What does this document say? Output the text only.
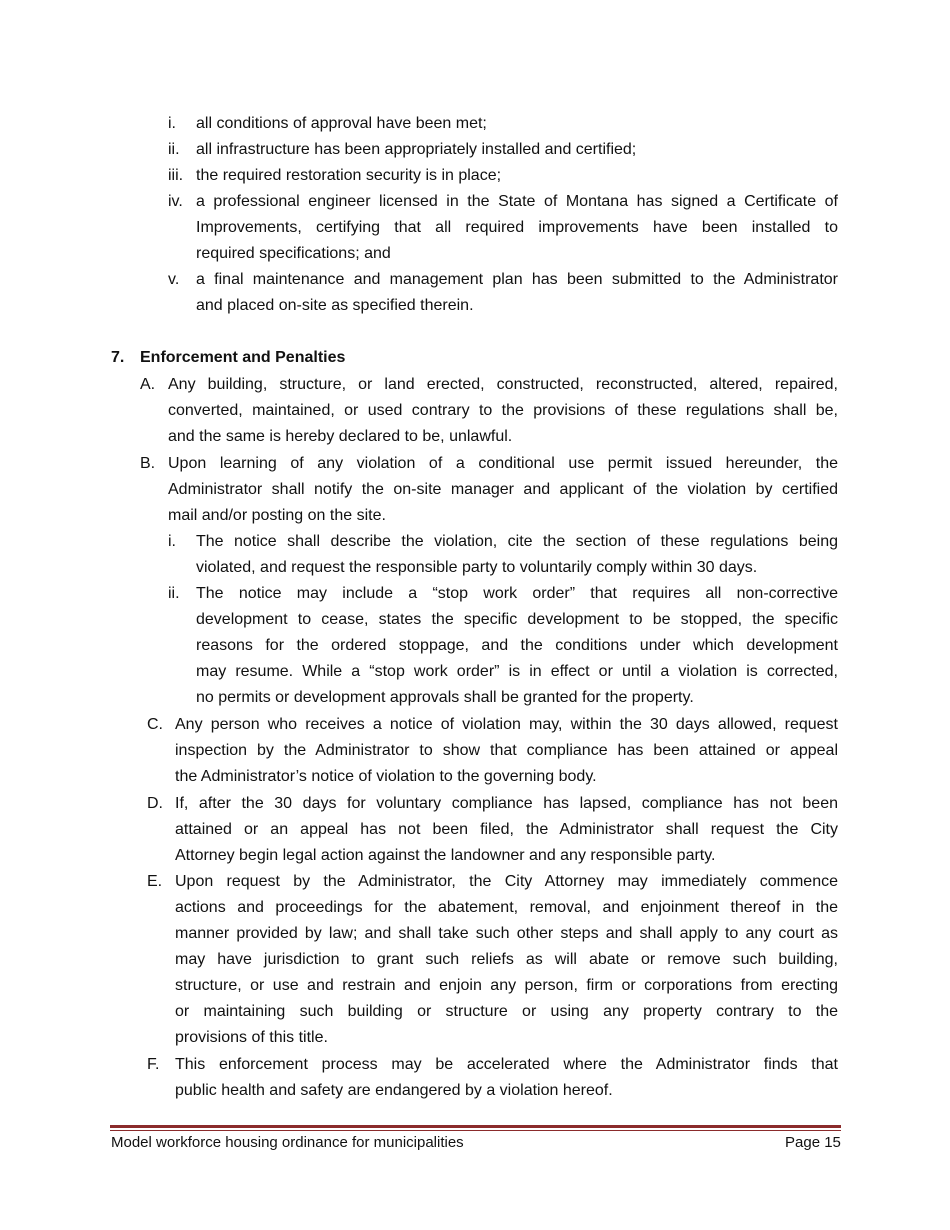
i. all conditions of approval have been met;
ii. all infrastructure has been appropriately installed and certified;
iii. the required restoration security is in place;
iv. a professional engineer licensed in the State of Montana has signed a Certificate of
Improvements, certifying that all required improvements have been installed to
required specifications; and
v. a final maintenance and management plan has been submitted to the Administrator
and placed on-site as specified therein.
7. Enforcement and Penalties
A. Any building, structure, or land erected, constructed, reconstructed, altered, repaired,
converted, maintained, or used contrary to the provisions of these regulations shall be,
and the same is hereby declared to be, unlawful.
B. Upon learning of any violation of a conditional use permit issued hereunder, the
Administrator shall notify the on-site manager and applicant of the violation by certified
mail and/or posting on the site.
i. The notice shall describe the violation, cite the section of these regulations being
violated, and request the responsible party to voluntarily comply within 30 days.
ii. The notice may include a “stop work order” that requires all non-corrective
development to cease, states the specific development to be stopped, the specific
reasons for the ordered stoppage, and the conditions under which development
may resume. While a “stop work order” is in effect or until a violation is corrected,
no permits or development approvals shall be granted for the property.
C. Any person who receives a notice of violation may, within the 30 days allowed, request
inspection by the Administrator to show that compliance has been attained or appeal
the Administrator’s notice of violation to the governing body.
D. If, after the 30 days for voluntary compliance has lapsed, compliance has not been
attained or an appeal has not been filed, the Administrator shall request the City
Attorney begin legal action against the landowner and any responsible party.
E. Upon request by the Administrator, the City Attorney may immediately commence
actions and proceedings for the abatement, removal, and enjoinment thereof in the
manner provided by law; and shall take such other steps and shall apply to any court as
may have jurisdiction to grant such reliefs as will abate or remove such building,
structure, or use and restrain and enjoin any person, firm or corporations from erecting
or maintaining such building or structure or using any property contrary to the
provisions of this title.
F. This enforcement process may be accelerated where the Administrator finds that
public health and safety are endangered by a violation hereof.
Model workforce housing ordinance for municipalities	Page 15
